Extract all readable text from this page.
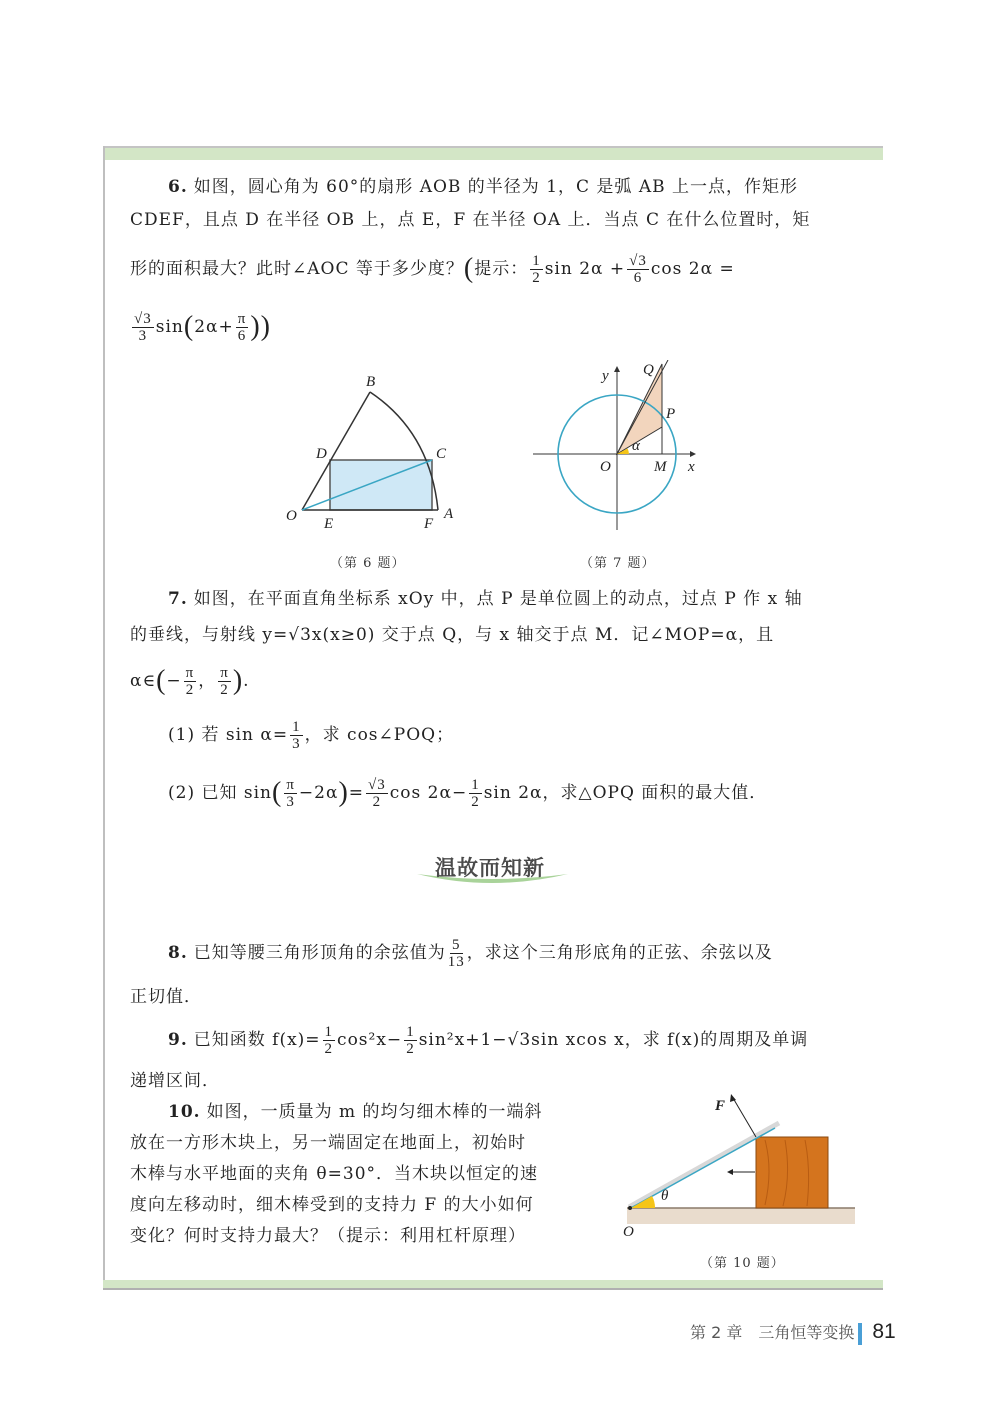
6. 如图，圆心角为 60°的扇形 AOB 的半径为 1，C 是弧 AB 上一点，作矩形
CDEF，且点 D 在半径 OB 上，点 E，F 在半径 OA 上．当点 C 在什么位置时，矩
形的面积最大？此时∠AOC 等于多少度？ ( 提示： $\frac{1}{2}$ $\sin 2\alpha + \frac{√3}{6}$ cos 2α =
$\frac{√3}{3}$ sin ( $2\alpha+ \frac{\pi}{6}$ ))
O E	F
A
B
C
D
（第 6 题）
α
O	M x
y
P
Q
（第 7 题）
7. 如图，在平面直角坐标系 xOy 中，点 P 是单位圆上的动点，过点 P 作 x 轴
的垂线，与射线 y=√3x(x≥0) 交于点 Q，与 x 轴交于点 M．记∠MOP=α，且
α∈ ( − $\frac{\pi}{2}$ ， $\frac{\pi}{2}$ ) .
(1) 若 $\sin \alpha= \frac{1}{3}$ ，求 cos∠POQ；
(2) 已知 sin ( $\frac{\pi}{3} -2\alpha$ ) = $\frac{√3}{2}$ $\cos 2\alpha- \frac{1}{2}$ sin 2α，求△OPQ 面积的最大值．
温故而知新
8. 已知等腰三角形顶角的余弦值为 $\frac{5}{13}$ ，求这个三角形底角的正弦、余弦以及
正切值．
9. 已知函数 $f(x)= \frac{1}{2} \cos^2x- \frac{1}{2} \sin^2x+1-√3\sin$ xcos x，求 f(x)的周期及单调
递增区间．
10. 如图，一质量为 m 的均匀细木棒的一端斜
放在一方形木块上，另一端固定在地面上，初始时
木棒与水平地面的夹角 θ=30°．当木块以恒定的速
度向左移动时，细木棒受到的支持力 F 的大小如何
变化？何时支持力最大？（提示：利用杠杆原理）
F
θ
O
（第 10 题）
第 2 章　三角恒等变换 81
